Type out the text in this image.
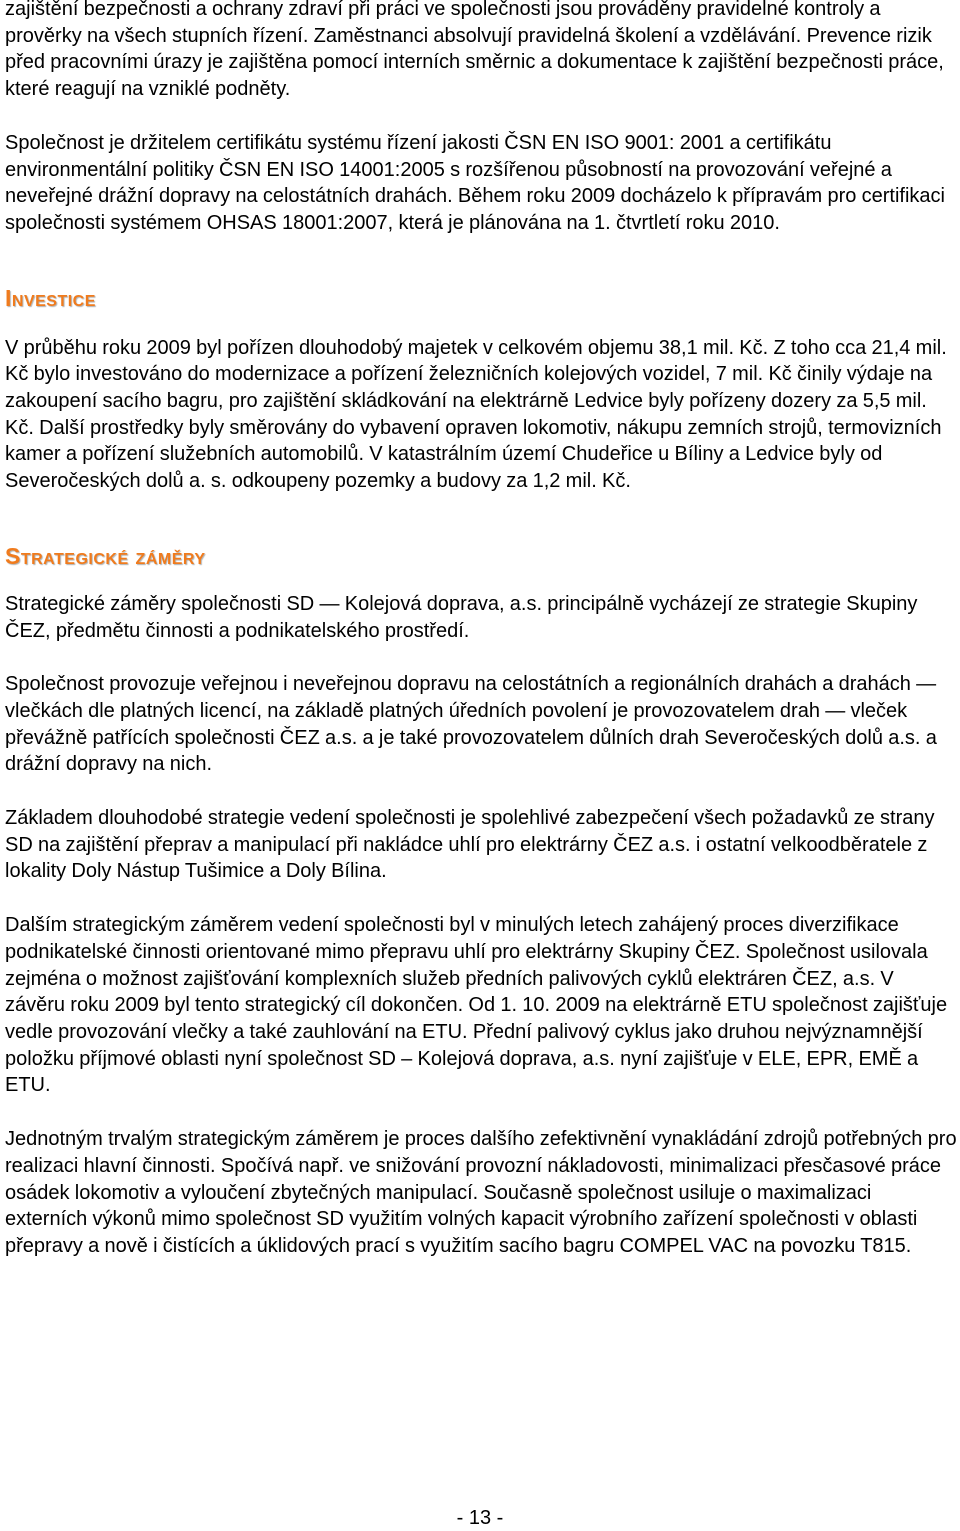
zajištění bezpečnosti a ochrany zdraví při práci ve společnosti jsou prováděny pravidelné kontroly a prověrky na všech stupních řízení. Zaměstnanci absolvují pravidelná školení a vzdělávání. Prevence rizik před pracovními úrazy je zajištěna pomocí interních směrnic a dokumentace k zajištění bezpečnosti práce, které reagují na vzniklé podněty.

Společnost je držitelem certifikátu systému řízení jakosti ČSN EN ISO 9001: 2001 a certifikátu environmentální politiky ČSN EN ISO 14001:2005 s rozšířenou působností na provozování veřejné a neveřejné drážní dopravy na celostátních drahách. Během roku 2009 docházelo k přípravám pro certifikaci společnosti systémem OHSAS 18001:2007, která je plánována na 1. čtvrtletí roku 2010.

Investice

V průběhu roku 2009 byl pořízen dlouhodobý majetek v celkovém objemu 38,1 mil. Kč. Z toho cca 21,4 mil. Kč bylo investováno do modernizace a pořízení železničních kolejových vozidel, 7 mil. Kč činily výdaje na zakoupení sacího bagru, pro zajištění skládkování na elektrárně Ledvice byly pořízeny dozery za 5,5 mil. Kč. Další prostředky byly směrovány do vybavení opraven lokomotiv, nákupu zemních strojů, termovizních kamer a pořízení služebních automobilů. V katastrálním území Chudeřice u Bíliny a Ledvice byly od Severočeských dolů a. s. odkoupeny pozemky a budovy za 1,2 mil. Kč.

Strategické záměry

Strategické záměry společnosti SD — Kolejová doprava, a.s. principálně vycházejí ze strategie Skupiny ČEZ, předmětu činnosti a podnikatelského prostředí.

Společnost provozuje veřejnou i neveřejnou dopravu na celostátních a regionálních drahách a drahách — vlečkách dle platných licencí, na základě platných úředních povolení je provozovatelem drah — vleček převážně patřících společnosti ČEZ a.s. a je také provozovatelem důlních drah Severočeských dolů a.s. a drážní dopravy na nich.

Základem dlouhodobé strategie vedení společnosti je spolehlivé zabezpečení všech požadavků ze strany SD na zajištění přeprav a manipulací při nakládce uhlí pro elektrárny ČEZ a.s. i ostatní velkoodběratele z lokality Doly Nástup Tušimice a Doly Bílina.

Dalším strategickým záměrem vedení společnosti byl v minulých letech zahájený proces diverzifikace podnikatelské činnosti orientované mimo přepravu uhlí pro elektrárny Skupiny ČEZ. Společnost usilovala zejména o možnost zajišťování komplexních služeb předních palivových cyklů elektráren ČEZ, a.s. V závěru roku 2009 byl tento strategický cíl dokončen. Od 1. 10. 2009 na elektrárně ETU společnost zajišťuje vedle provozování vlečky a také zauhlování na ETU. Přední palivový cyklus jako druhou nejvýznamnější položku příjmové oblasti nyní společnost SD – Kolejová doprava, a.s. nyní zajišťuje v ELE, EPR, EMĚ a ETU.

Jednotným trvalým strategickým záměrem je proces dalšího zefektivnění vynakládání zdrojů potřebných pro realizaci hlavní činnosti. Spočívá např. ve snižování provozní nákladovosti, minimalizaci přesčasové práce osádek lokomotiv a vyloučení zbytečných manipulací. Současně společnost usiluje o maximalizaci externích výkonů mimo společnost SD využitím volných kapacit výrobního zařízení společnosti v oblasti přepravy a nově i čistících a úklidových prací s využitím sacího bagru COMPEL VAC na povozku T815.

- 13 -
